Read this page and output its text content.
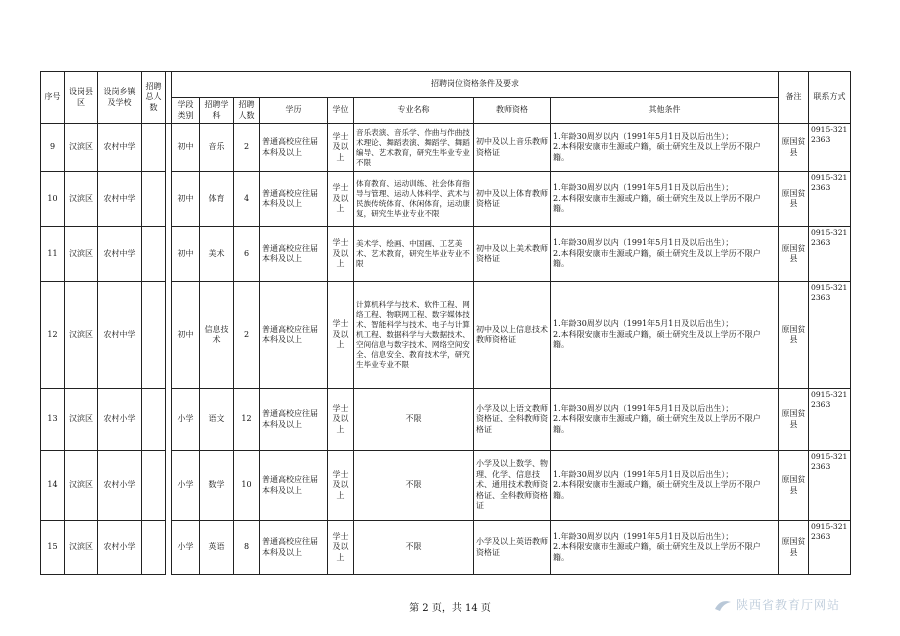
序号	设岗县区	设岗乡镇及学校	招聘总人数		招聘岗位资格条件及要求								备注	联系方式
					学段类别	招聘学科	招聘人数	学历	学位	专业名称	教师资格	其他条件		
9	汉滨区	农村中学			初中	音乐	2	普通高校应往届本科及以上	学士及以上	音乐表演、音乐学、作曲与作曲技术理论、舞蹈表演、舞蹈学、舞蹈编导、艺术教育，研究生毕业专业不限	初中及以上音乐教师资格证	1.年龄30周岁以内（1991年5月1日及以后出生）；
2.本科限安康市生源或户籍，硕士研究生及以上学历不限户籍。	原国贫县	0915-3212363
10	汉滨区	农村中学			初中	体育	4	普通高校应往届本科及以上	学士及以上	体育教育、运动训练、社会体育指导与管理、运动人体科学、武术与民族传统体育、休闲体育，运动康复，研究生毕业专业不限	初中及以上体育教师资格证	1.年龄30周岁以内（1991年5月1日及以后出生）；
2.本科限安康市生源或户籍，硕士研究生及以上学历不限户籍。	原国贫县	0915-3212363
11	汉滨区	农村中学			初中	美术	6	普通高校应往届本科及以上	学士及以上	美术学、绘画、中国画、工艺美术、艺术教育，研究生毕业专业不限	初中及以上美术教师资格证	1.年龄30周岁以内（1991年5月1日及以后出生）；
2.本科限安康市生源或户籍，硕士研究生及以上学历不限户籍。	原国贫县	0915-3212363
12	汉滨区	农村中学			初中	信息技术	2	普通高校应往届本科及以上	学士及以上	计算机科学与技术、软件工程、网络工程、物联网工程、数字媒体技术、智能科学与技术、电子与计算机工程、数据科学与大数据技术、空间信息与数字技术、网络空间安全、信息安全、教育技术学，研究生毕业专业不限	初中及以上信息技术教师资格证	1.年龄30周岁以内（1991年5月1日及以后出生）；
2.本科限安康市生源或户籍，硕士研究生及以上学历不限户籍。	原国贫县	0915-3212363
13	汉滨区	农村小学			小学	语文	12	普通高校应往届本科及以上	学士及以上	不限	小学及以上语文教师资格证、全科教师资格证	1.年龄30周岁以内（1991年5月1日及以后出生）；
2.本科限安康市生源或户籍，硕士研究生及以上学历不限户籍。	原国贫县	0915-3212363
14	汉滨区	农村小学			小学	数学	10	普通高校应往届本科及以上	学士及以上	不限	小学及以上数学、物理、化学、信息技术、通用技术教师资格证、全科教师资格证	1.年龄30周岁以内（1991年5月1日及以后出生）；
2.本科限安康市生源或户籍，硕士研究生及以上学历不限户籍。	原国贫县	0915-3212363
15	汉滨区	农村小学			小学	英语	8	普通高校应往届本科及以上	学士及以上	不限	小学及以上英语教师资格证	1.年龄30周岁以内（1991年5月1日及以后出生）；
2.本科限安康市生源或户籍，硕士研究生及以上学历不限户籍。	原国贫县	0915-3212363
第 2 页，共 14 页	陕西省教育厅网站
